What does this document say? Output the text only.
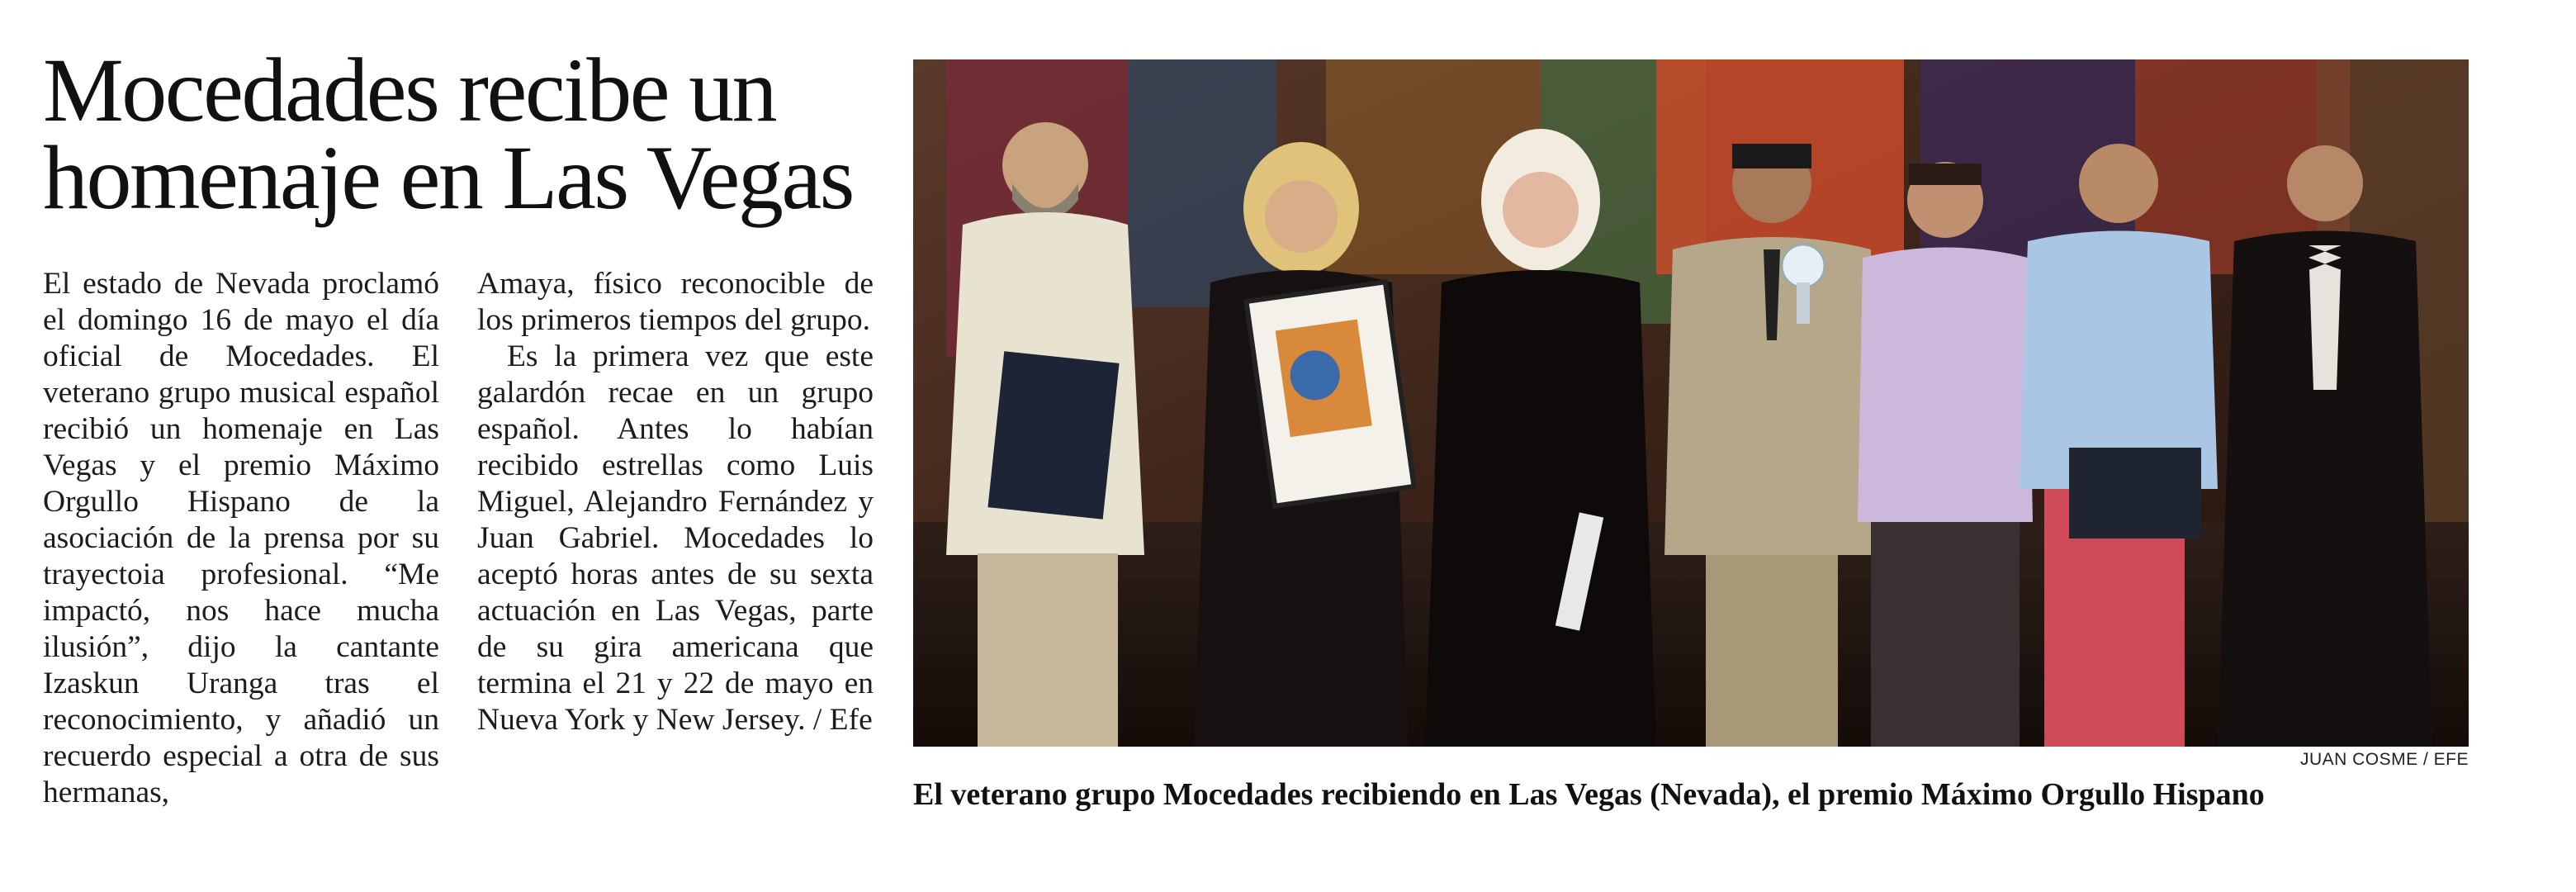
Mocedades recibe un
homenaje en Las Vegas

El estado de Nevada proclamó el domingo 16 de mayo el día oficial de Mocedades. El veterano grupo musical español recibió un homenaje en Las Vegas y el premio Máximo Orgullo Hispano de la asociación de la prensa por su trayectoia profesional. “Me impactó, nos hace mucha ilusión”, dijo la cantante Izaskun Uranga tras el reconocimiento, y añadió un recuerdo especial a otra de sus hermanas,

Amaya, físico reconocible de los primeros tiempos del grupo.

Es la primera vez que este galardón recae en un grupo español. Antes lo habían recibido estrellas como Luis Miguel, Alejandro Fernández y Juan Gabriel. Mocedades lo aceptó horas antes de su sexta actuación en Las Vegas, parte de su gira americana que termina el 21 y 22 de mayo en Nueva York y New Jersey. / Efe

JUAN COSME / EFE

El veterano grupo Mocedades recibiendo en Las Vegas (Nevada), el premio Máximo Orgullo Hispano
